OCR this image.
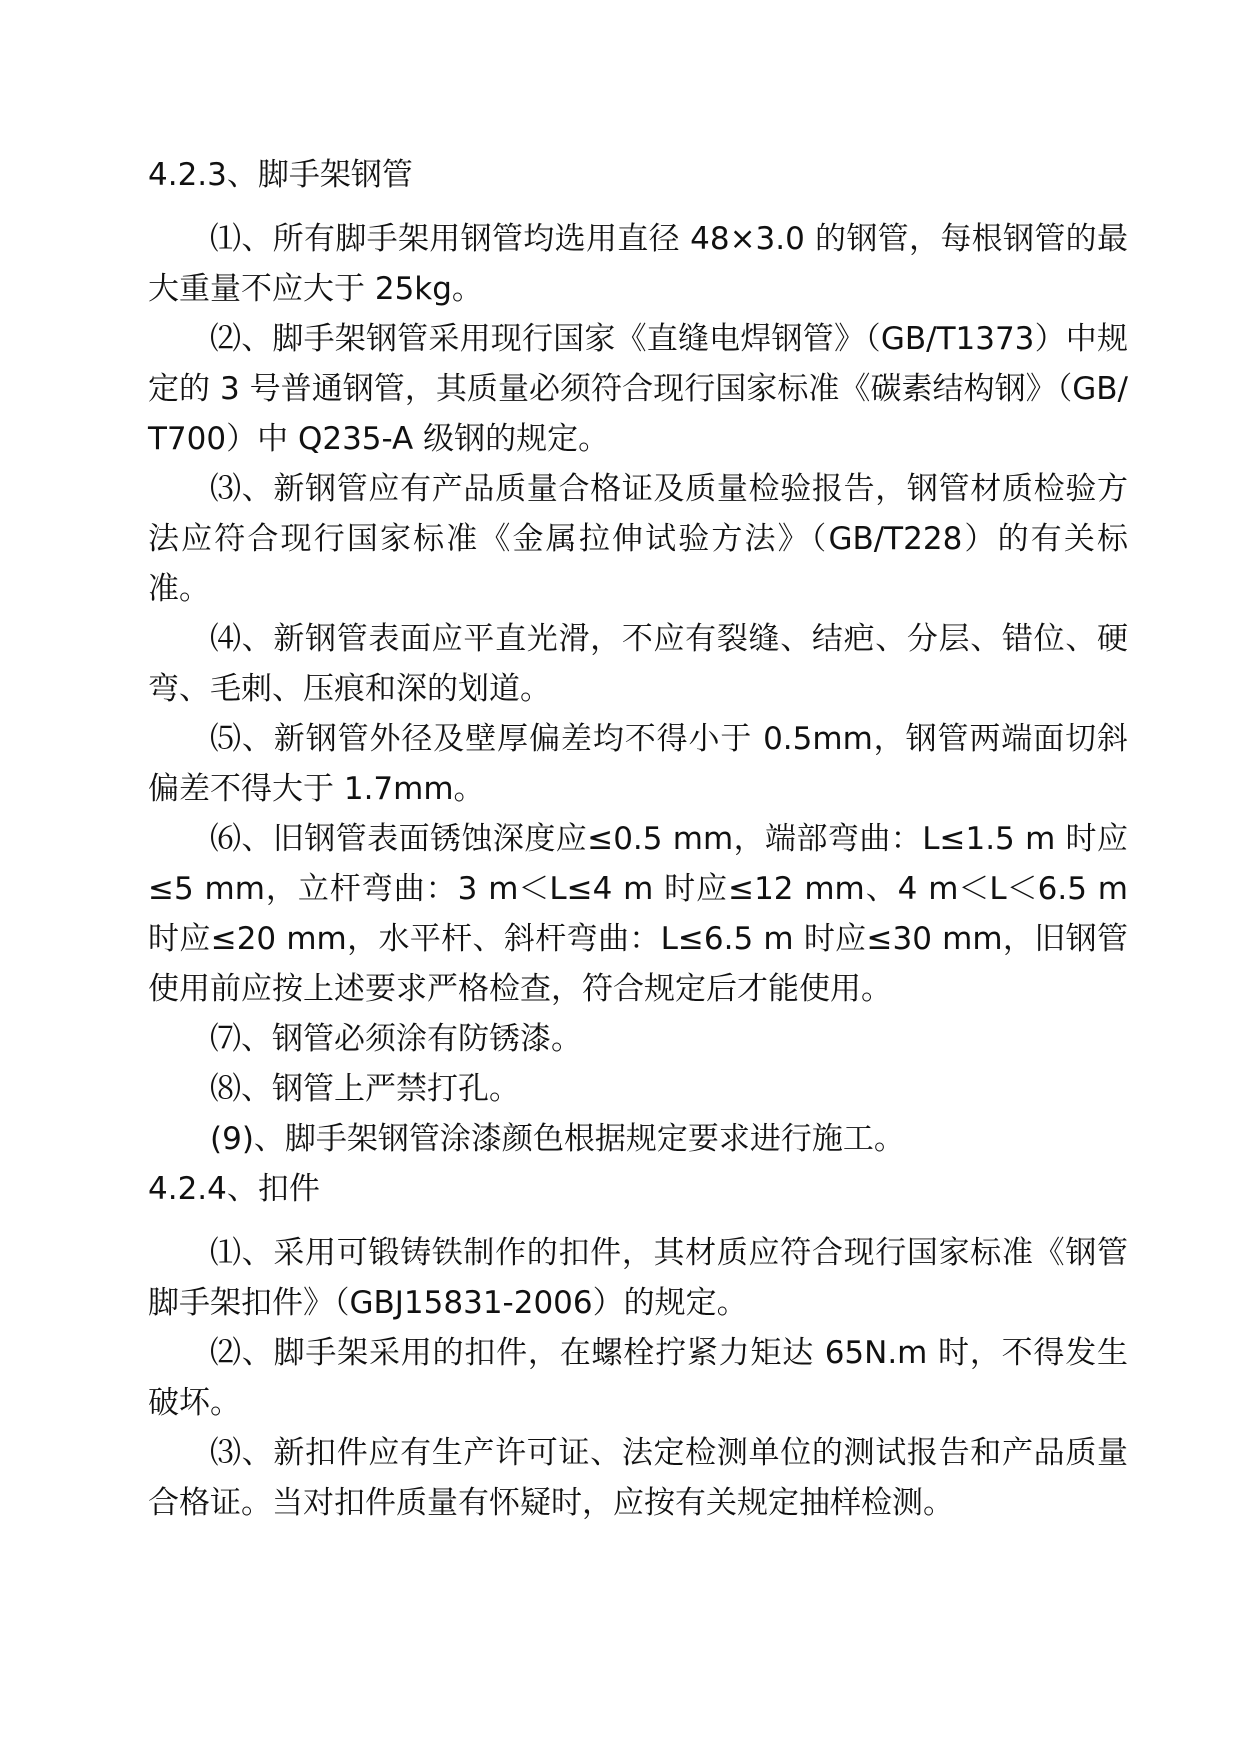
4.2.3、脚手架钢管

⑴、所有脚手架用钢管均选用直径 48×3.0 的钢管，每根钢管的最大重量不应大于 25kg。

⑵、脚手架钢管采用现行国家《直缝电焊钢管》（GB/T1373）中规定的 3 号普通钢管，其质量必须符合现行国家标准《碳素结构钢》（GB/T700）中 Q235-A 级钢的规定。

⑶、新钢管应有产品质量合格证及质量检验报告，钢管材质检验方法应符合现行国家标准《金属拉伸试验方法》（GB/T228）的有关标准。

⑷、新钢管表面应平直光滑，不应有裂缝、结疤、分层、错位、硬弯、毛刺、压痕和深的划道。

⑸、新钢管外径及壁厚偏差均不得小于 0.5mm，钢管两端面切斜偏差不得大于 1.7mm。

⑹、旧钢管表面锈蚀深度应≤0.5 mm，端部弯曲：L≤1.5 m 时应≤5 mm，立杆弯曲：3 m＜L≤4 m 时应≤12 mm、4 m＜L＜6.5 m 时应≤20 mm，水平杆、斜杆弯曲：L≤6.5 m 时应≤30 mm，旧钢管使用前应按上述要求严格检查，符合规定后才能使用。

⑺、钢管必须涂有防锈漆。

⑻、钢管上严禁打孔。

(9)、脚手架钢管涂漆颜色根据规定要求进行施工。

4.2.4、扣件

⑴、采用可锻铸铁制作的扣件，其材质应符合现行国家标准《钢管脚手架扣件》（GBJ15831-2006）的规定。

⑵、脚手架采用的扣件，在螺栓拧紧力矩达 65N.m 时，不得发生破坏。

⑶、新扣件应有生产许可证、法定检测单位的测试报告和产品质量合格证。当对扣件质量有怀疑时，应按有关规定抽样检测。
